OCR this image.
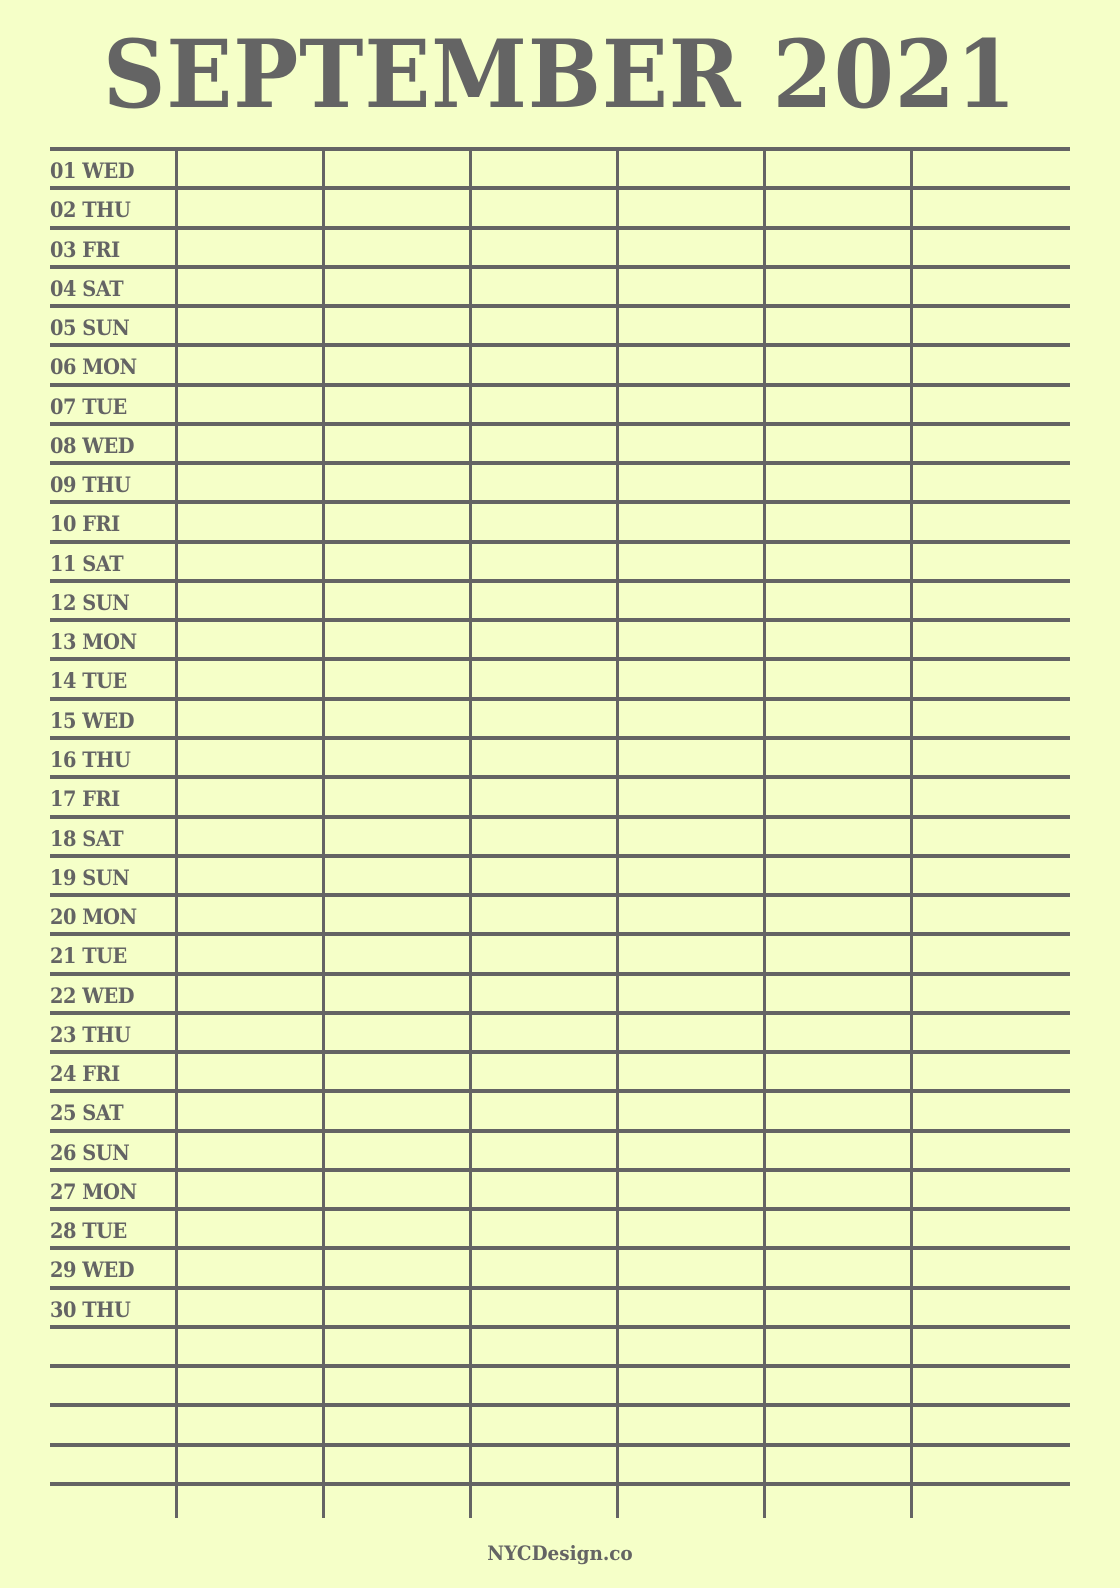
SEPTEMBER 2021
01 WED
02 THU
03 FRI
04 SAT
05 SUN
06 MON
07 TUE
08 WED
09 THU
10 FRI
11 SAT
12 SUN
13 MON
14 TUE
15 WED
16 THU
17 FRI
18 SAT
19 SUN
20 MON
21 TUE
22 WED
23 THU
24 FRI
25 SAT
26 SUN
27 MON
28 TUE
29 WED
30 THU
NYCDesign.co
